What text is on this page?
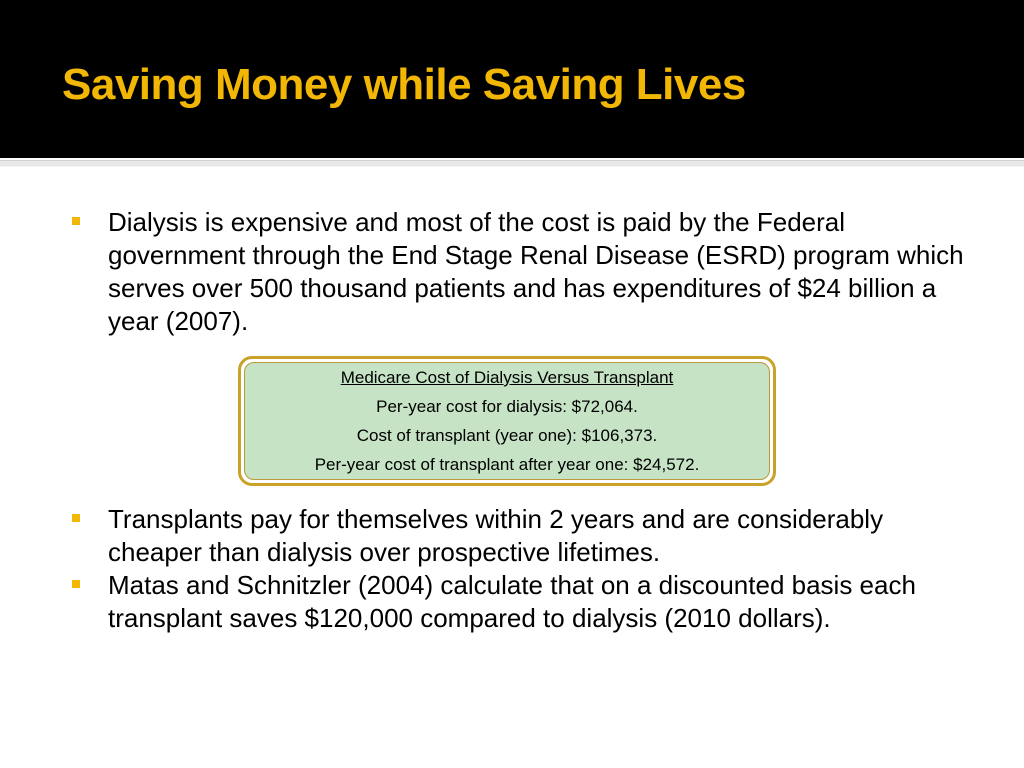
Saving Money while Saving Lives

Dialysis is expensive and most of the cost is paid by the Federal government through the End Stage Renal Disease (ESRD) program which serves over 500 thousand patients and has expenditures of $24 billion a year (2007).

Medicare Cost of Dialysis Versus Transplant
Per-year cost for dialysis: $72,064.
Cost of transplant (year one): $106,373.
Per-year cost of transplant after year one: $24,572.

Transplants pay for themselves within 2 years and are considerably cheaper than dialysis over prospective lifetimes.

Matas and Schnitzler (2004) calculate that on a discounted basis each transplant saves $120,000 compared to dialysis (2010 dollars).
